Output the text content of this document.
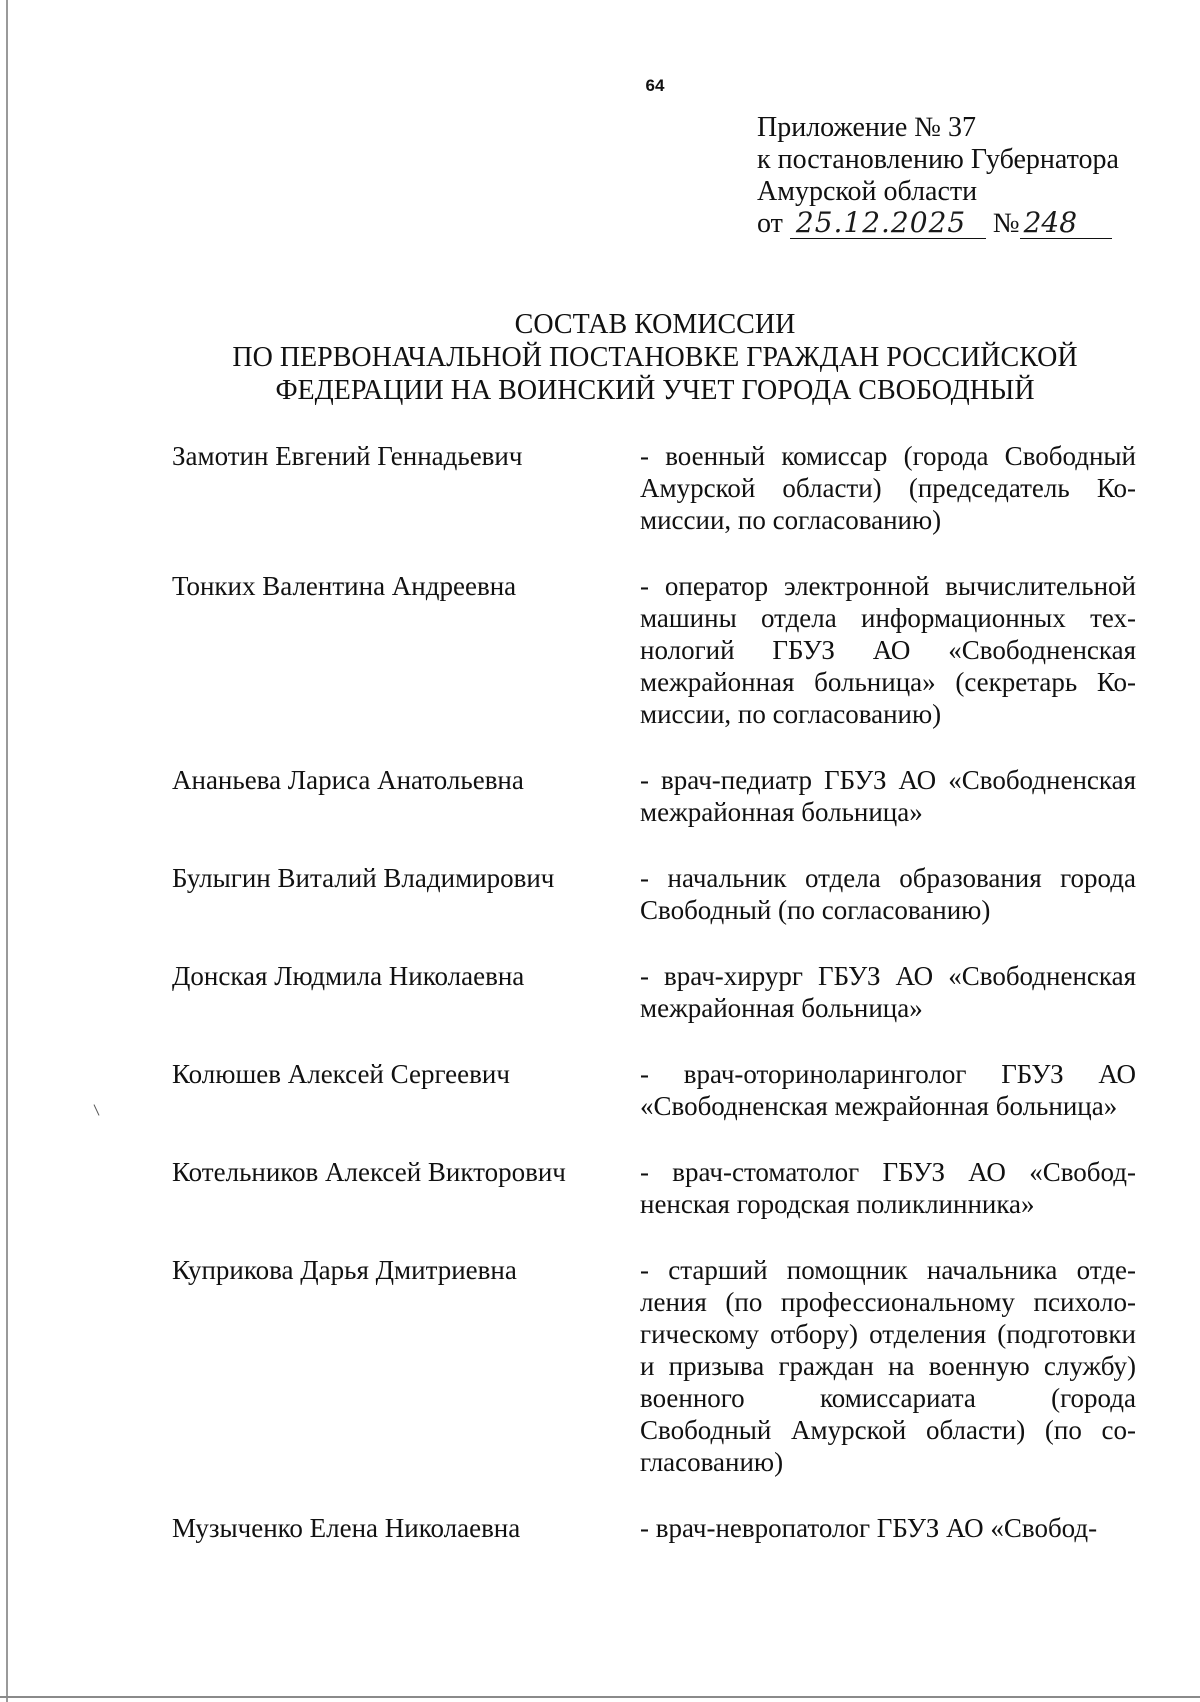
64
Приложение № 37
к постановлению Губернатора
Амурской области
от 25.12.2025 № 248
СОСТАВ КОМИССИИ
ПО ПЕРВОНАЧАЛЬНОЙ ПОСТАНОВКЕ ГРАЖДАН РОССИЙСКОЙ
ФЕДЕРАЦИИ НА ВОИНСКИЙ УЧЕТ ГОРОДА СВОБОДНЫЙ
Замотин Евгений Геннадьевич	- военный комиссар (города Свободный Амурской области) (председатель Комиссии, по согласованию)
Тонких Валентина Андреевна	- оператор электронной вычислительной машины отдела информационных технологий ГБУЗ АО «Свободненская межрайонная больница» (секретарь Комиссии, по согласованию)
Ананьева Лариса Анатольевна	- врач-педиатр ГБУЗ АО «Свободненская межрайонная больница»
Булыгин Виталий Владимирович	- начальник отдела образования города Свободный (по согласованию)
Донская Людмила Николаевна	- врач-хирург ГБУЗ АО «Свободненская межрайонная больница»
Колюшев Алексей Сергеевич	- врач-оториноларинголог ГБУЗ АО «Свободненская межрайонная больница»
Котельников Алексей Викторович	- врач-стоматолог ГБУЗ АО «Свободненская городская поликлинника»
Куприкова Дарья Дмитриевна	- старший помощник начальника отделения (по профессиональному психологическому отбору) отделения (подготовки и призыва граждан на военную службу) военного комиссариата (города Свободный Амурской области) (по согласованию)
Музыченко Елена Николаевна	- врач-невропатолог ГБУЗ АО «Свобод-
